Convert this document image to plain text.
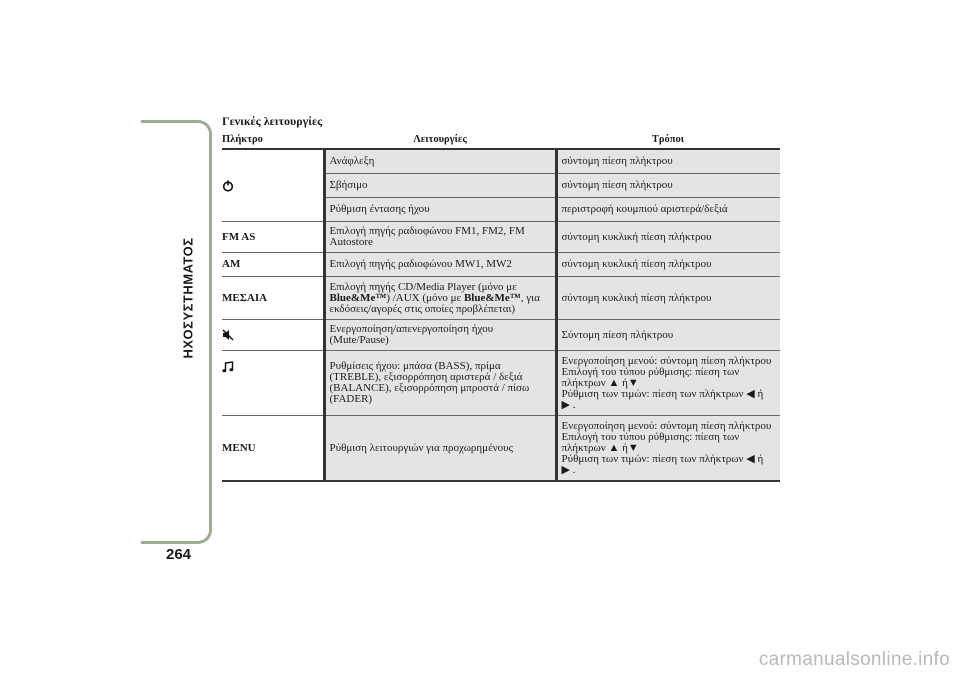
ΗΧΟΣΥΣΤΗΜΑΤΟΣ
264
Γενικές λειτουργίες
Πλήκτρο	Λειτουργίες	Τρόποι
	Ανάφλεξη	σύντομη πίεση πλήκτρου
	Σβήσιμο	σύντομη πίεση πλήκτρου
	Ρύθμιση έντασης ήχου	περιστροφή κουμπιού αριστερά/δεξιά
FM AS	Επιλογή πηγής ραδιοφώνου FM1, FM2, FM Autostore	σύντομη κυκλική πίεση πλήκτρου
AM	Επιλογή πηγής ραδιοφώνου MW1, MW2	σύντομη κυκλική πίεση πλήκτρου
ΜΕΣΑΙΑ	Επιλογή πηγής CD/Media Player (μόνο με Blue&Me™) /AUX (μόνο με Blue&Me™, για εκδόσεις/αγορές στις οποίες προβλέπεται)	σύντομη κυκλική πίεση πλήκτρου
	Ενεργοποίηση/απενεργοποίηση ήχου (Mute/Pause)	Σύντομη πίεση πλήκτρου
	Ρυθμίσεις ήχου: μπάσα (BASS), πρίμα (TREBLE), εξισορρόπηση αριστερά / δεξιά (BALANCE), εξισορρόπηση μπροστά / πίσω (FADER)	Ενεργοποίηση μενού: σύντομη πίεση πλήκτρου
Επιλογή του τύπου ρύθμισης: πίεση των
πλήκτρων ▲ ή▼
Ρύθμιση των τιμών: πίεση των πλήκτρων ◀ ή
▶ .

MENU	Ρύθμιση λειτουργιών για προχωρημένους	Ενεργοποίηση μενού: σύντομη πίεση πλήκτρου
Επιλογή του τύπου ρύθμισης: πίεση των
πλήκτρων ▲ ή▼
Ρύθμιση των τιμών: πίεση των πλήκτρων ◀ ή
▶ .
carmanualsonline.info
